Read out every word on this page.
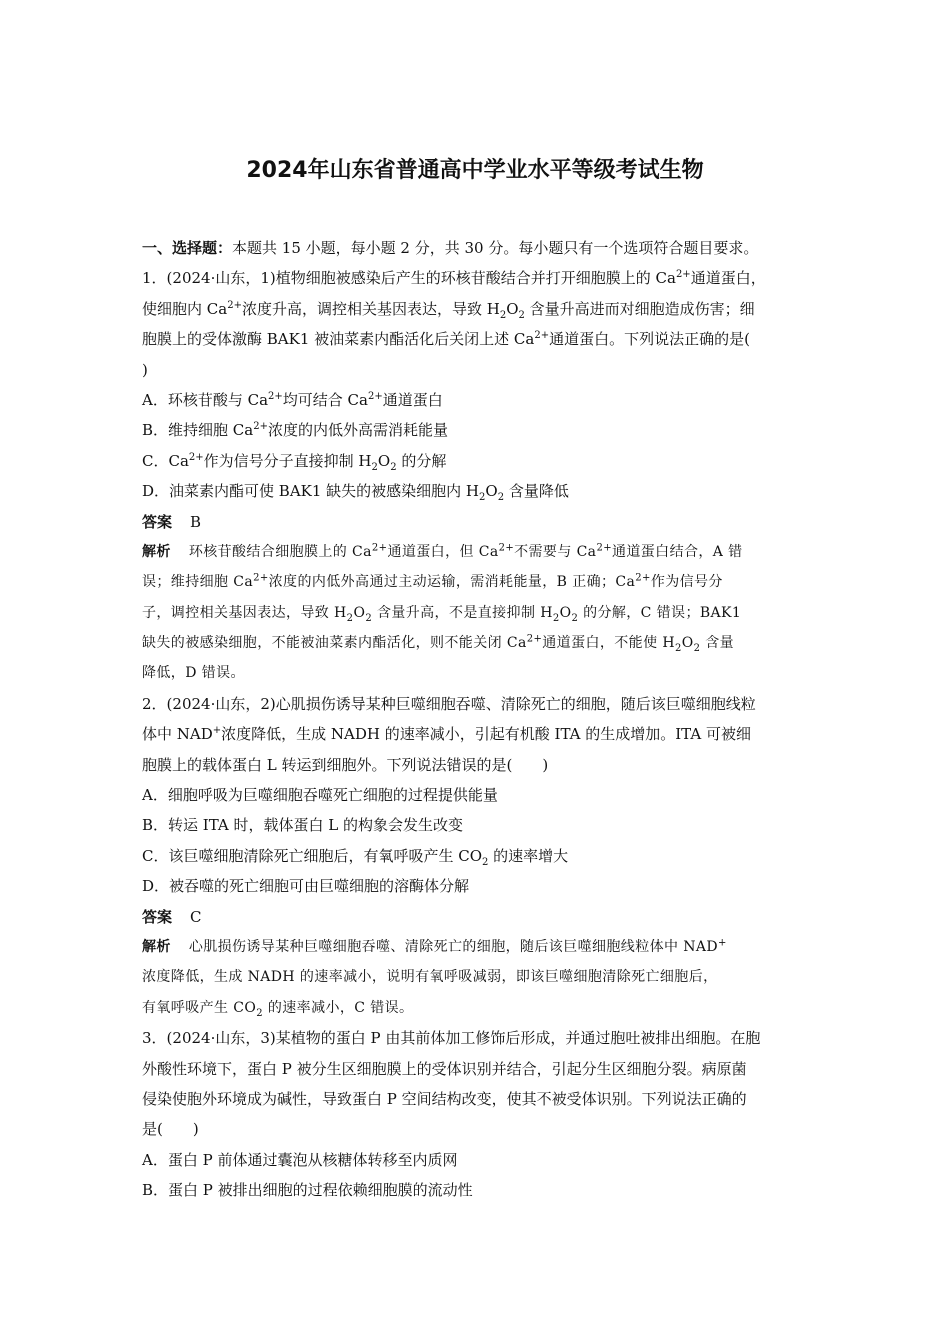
2024年山东省普通高中学业水平等级考试生物
一、选择题：本题共 15 小题，每小题 2 分，共 30 分。每小题只有一个选项符合题目要求。
1．(2024·山东，1)植物细胞被感染后产生的环核苷酸结合并打开细胞膜上的 $Ca^{2+}$通道蛋白，
使细胞内 $Ca^{2+}$浓度升高，调控相关基因表达，导致 $H_2O_2$ 含量升高进而对细胞造成伤害；细
胞膜上的受体激酶 BAK1 被油菜素内酯活化后关闭上述 $Ca^{2+}$通道蛋白。下列说法正确的是(
)
A．环核苷酸与 $Ca^{2+}$均可结合 $Ca^{2+}$通道蛋白
B．维持细胞 $Ca^{2+}$浓度的内低外高需消耗能量
C．$Ca^{2+}$作为信号分子直接抑制 $H_2O_2$ 的分解
D．油菜素内酯可使 BAK1 缺失的被感染细胞内 $H_2O_2$ 含量降低
答案 B
解析 环核苷酸结合细胞膜上的 $Ca^{2+}$通道蛋白，但 $Ca^{2+}$不需要与 $Ca^{2+}$通道蛋白结合，A 错
误；维持细胞 $Ca^{2+}$浓度的内低外高通过主动运输，需消耗能量，B 正确；$Ca^{2+}$作为信号分
子，调控相关基因表达，导致 $H_2O_2$ 含量升高，不是直接抑制 $H_2O_2$ 的分解，C 错误；BAK1
缺失的被感染细胞，不能被油菜素内酯活化，则不能关闭 $Ca^{2+}$通道蛋白，不能使 $H_2O_2$ 含量
降低，D 错误。
2．(2024·山东，2)心肌损伤诱导某种巨噬细胞吞噬、清除死亡的细胞，随后该巨噬细胞线粒
体中 NAD+浓度降低，生成 NADH 的速率减小，引起有机酸 ITA 的生成增加。ITA 可被细
胞膜上的载体蛋白 L 转运到细胞外。下列说法错误的是(　　)
A．细胞呼吸为巨噬细胞吞噬死亡细胞的过程提供能量
B．转运 ITA 时，载体蛋白 L 的构象会发生改变
C．该巨噬细胞清除死亡细胞后，有氧呼吸产生 $CO_2$ 的速率增大
D．被吞噬的死亡细胞可由巨噬细胞的溶酶体分解
答案 C
解析 心肌损伤诱导某种巨噬细胞吞噬、清除死亡的细胞，随后该巨噬细胞线粒体中 NAD+
浓度降低，生成 NADH 的速率减小，说明有氧呼吸减弱，即该巨噬细胞清除死亡细胞后，
有氧呼吸产生 $CO_2$ 的速率减小，C 错误。
3．(2024·山东，3)某植物的蛋白 P 由其前体加工修饰后形成，并通过胞吐被排出细胞。在胞
外酸性环境下，蛋白 P 被分生区细胞膜上的受体识别并结合，引起分生区细胞分裂。病原菌
侵染使胞外环境成为碱性，导致蛋白 P 空间结构改变，使其不被受体识别。下列说法正确的
是(　　)
A．蛋白 P 前体通过囊泡从核糖体转移至内质网
B．蛋白 P 被排出细胞的过程依赖细胞膜的流动性
